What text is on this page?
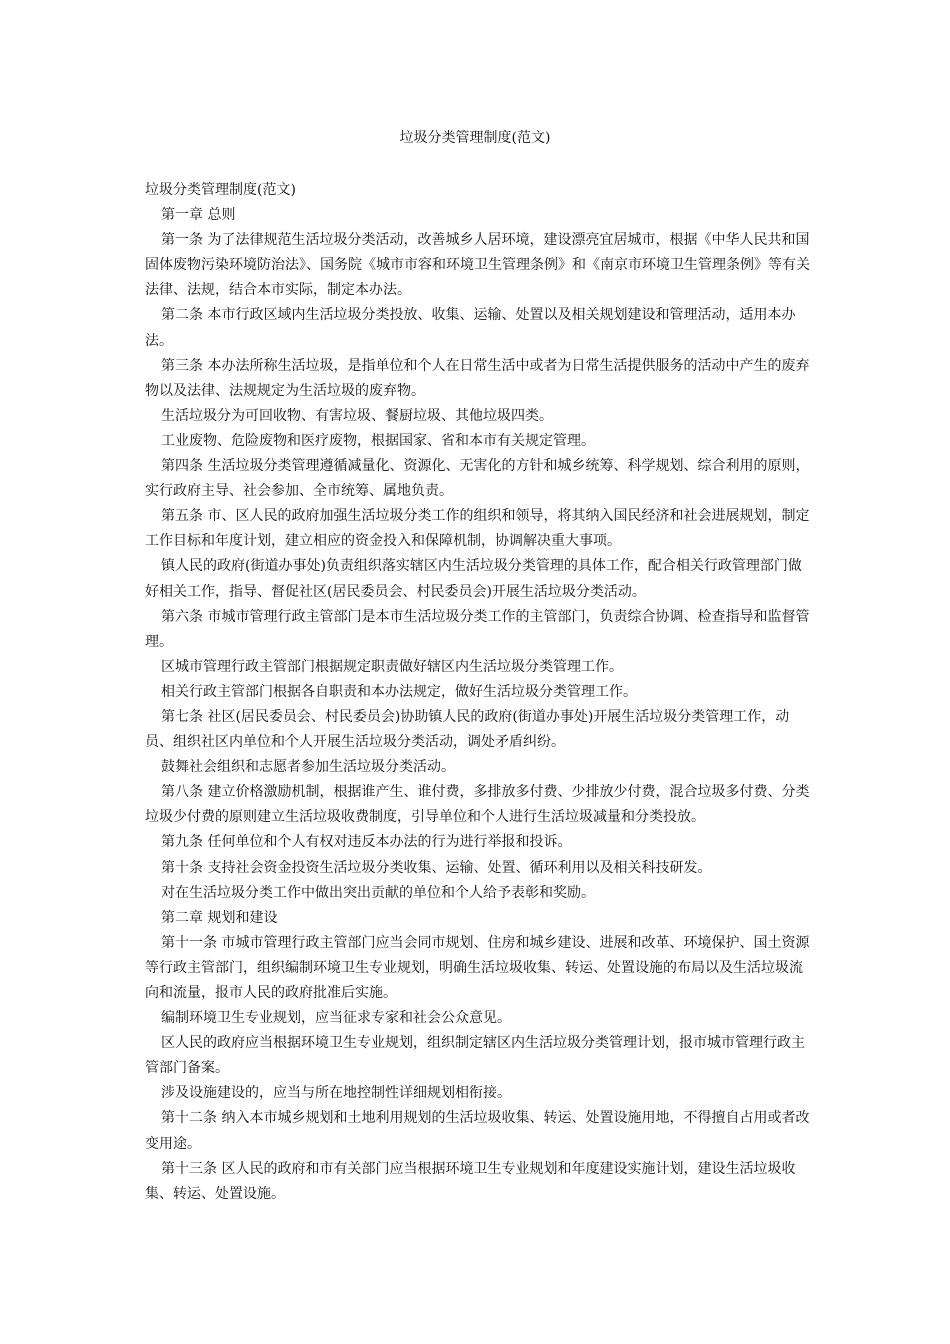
垃圾分类管理制度(范文)

垃圾分类管理制度(范文)

第一章 总则

第一条 为了法律规范生活垃圾分类活动，改善城乡人居环境，建设漂亮宜居城市，根据《中华人民共和国固体废物污染环境防治法》、国务院《城市市容和环境卫生管理条例》和《南京市环境卫生管理条例》等有关法律、法规，结合本市实际，制定本办法。

第二条 本市行政区域内生活垃圾分类投放、收集、运输、处置以及相关规划建设和管理活动，适用本办法。

第三条 本办法所称生活垃圾，是指单位和个人在日常生活中或者为日常生活提供服务的活动中产生的废弃物以及法律、法规规定为生活垃圾的废弃物。

生活垃圾分为可回收物、有害垃圾、餐厨垃圾、其他垃圾四类。

工业废物、危险废物和医疗废物，根据国家、省和本市有关规定管理。

第四条 生活垃圾分类管理遵循减量化、资源化、无害化的方针和城乡统筹、科学规划、综合利用的原则，实行政府主导、社会参加、全市统筹、属地负责。

第五条 市、区人民的政府加强生活垃圾分类工作的组织和领导，将其纳入国民经济和社会进展规划，制定工作目标和年度计划，建立相应的资金投入和保障机制，协调解决重大事项。

镇人民的政府(街道办事处)负责组织落实辖区内生活垃圾分类管理的具体工作，配合相关行政管理部门做好相关工作，指导、督促社区(居民委员会、村民委员会)开展生活垃圾分类活动。

第六条 市城市管理行政主管部门是本市生活垃圾分类工作的主管部门，负责综合协调、检查指导和监督管理。

区城市管理行政主管部门根据规定职责做好辖区内生活垃圾分类管理工作。

相关行政主管部门根据各自职责和本办法规定，做好生活垃圾分类管理工作。

第七条 社区(居民委员会、村民委员会)协助镇人民的政府(街道办事处)开展生活垃圾分类管理工作，动员、组织社区内单位和个人开展生活垃圾分类活动，调处矛盾纠纷。

鼓舞社会组织和志愿者参加生活垃圾分类活动。

第八条 建立价格激励机制，根据谁产生、谁付费，多排放多付费、少排放少付费，混合垃圾多付费、分类垃圾少付费的原则建立生活垃圾收费制度，引导单位和个人进行生活垃圾减量和分类投放。

第九条 任何单位和个人有权对违反本办法的行为进行举报和投诉。

第十条 支持社会资金投资生活垃圾分类收集、运输、处置、循环利用以及相关科技研发。

对在生活垃圾分类工作中做出突出贡献的单位和个人给予表彰和奖励。

第二章 规划和建设

第十一条 市城市管理行政主管部门应当会同市规划、住房和城乡建设、进展和改革、环境保护、国土资源等行政主管部门，组织编制环境卫生专业规划，明确生活垃圾收集、转运、处置设施的布局以及生活垃圾流向和流量，报市人民的政府批准后实施。

编制环境卫生专业规划，应当征求专家和社会公众意见。

区人民的政府应当根据环境卫生专业规划，组织制定辖区内生活垃圾分类管理计划，报市城市管理行政主管部门备案。

涉及设施建设的，应当与所在地控制性详细规划相衔接。

第十二条 纳入本市城乡规划和土地利用规划的生活垃圾收集、转运、处置设施用地，不得擅自占用或者改变用途。

第十三条 区人民的政府和市有关部门应当根据环境卫生专业规划和年度建设实施计划，建设生活垃圾收集、转运、处置设施。
